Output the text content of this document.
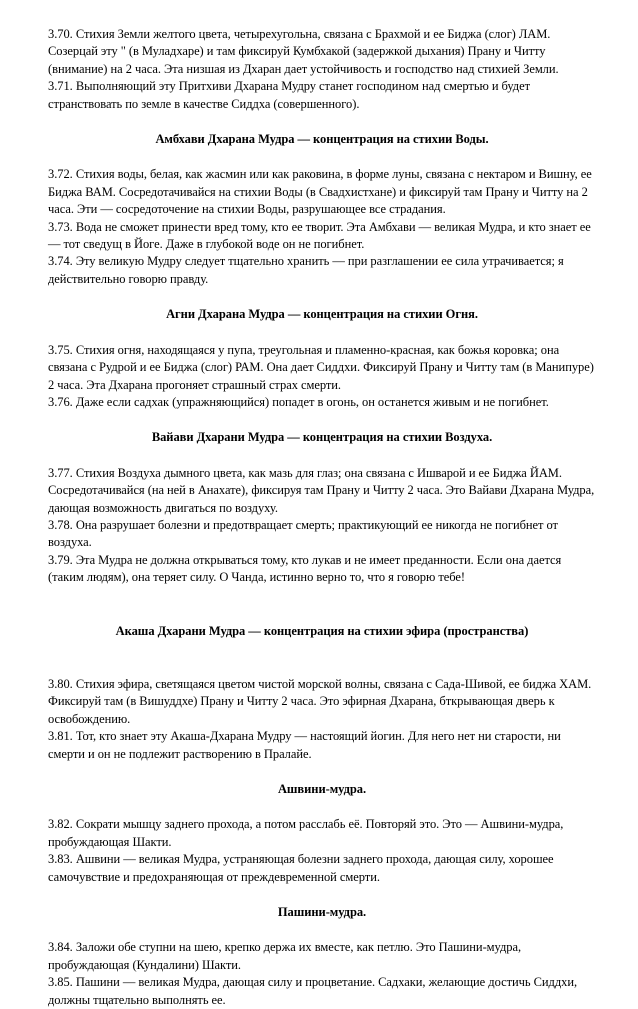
3.70. Стихия Земли желтого цвета, четырехугольна, связана с Брахмой и ее Биджа (слог) ЛАМ. Созерцай эту " (в Муладхаре) и там фиксируй Кумбхакой (задержкой дыхания) Прану и Читту (внимание) на 2 часа. Эта низшая из Дхаран дает устойчивость и господство над стихией Земли.

3.71. Выполняющий эту Притхиви Дхарана Мудру станет господином над смертью и будет странствовать по земле в качестве Сиддха (совершенного).

Амбхави Дхарана Мудра — концентрация на стихии Воды.

3.72. Стихия воды, белая, как жасмин или как раковина, в форме луны, связана с нектаром и Вишну, ее Биджа ВАМ. Сосредотачивайся на стихии Воды (в Свадхистхане) и фиксируй там Прану и Читту на 2 часа. Эти — сосредоточение на стихии Воды, разрушающее все страдания.

3.73. Вода не сможет принести вред тому, кто ее творит. Эта Амбхави — великая Мудра, и кто знает ее — тот сведущ в Йоге. Даже в глубокой воде он не погибнет.

3.74. Эту великую Мудру следует тщательно хранить — при разглашении ее сила утрачивается; я действительно говорю правду.

Агни Дхарана Мудра — концентрация на стихии Огня.

3.75. Стихия огня, находящаяся у пупа, треугольная и пламенно-красная, как божья коровка; она связана с Рудрой и ее Биджа (слог) РАМ. Она дает Сиддхи. Фиксируй Прану и Читту там (в Манипуре) 2 часа. Эта Дхарана прогоняет страшный страх смерти.

3.76. Даже если садхак (упражняющийся) попадет в огонь, он останется живым и не погибнет.

Вайави Дхарани Мудра — концентрация на стихии Воздуха.

3.77. Стихия Воздуха дымного цвета, как мазь для глаз; она связана с Ишварой и ее Биджа ЙАМ. Сосредотачивайся (на ней в Анахате), фиксируя там Прану и Читту 2 часа. Это Вайави Дхарана Мудра, дающая возможность двигаться по воздуху.

3.78. Она разрушает болезни и предотвращает смерть; практикующий ее никогда не погибнет от воздуха.

3.79. Эта Мудра не должна открываться тому, кто лукав и не имеет преданности. Если она дается (таким людям), она теряет силу. О Чанда, истинно верно то, что я говорю тебе!

Акаша Дхарани Мудра — концентрация на стихии эфира (пространства)

3.80. Стихия эфира, светящаяся цветом чистой морской волны, связана с Сада-Шивой, ее биджа ХАМ. Фиксируй там (в Вишуддхе) Прану и Читту 2 часа. Это эфирная Дхарана, бткрывающая дверь к освобождению.

3.81. Тот, кто знает эту Акаша-Дхарана Мудру — настоящий йогин. Для него нет ни старости, ни смерти и он не подлежит растворению в Пралайе.

Ашвини-мудра.

3.82. Сократи мышцу заднего прохода, а потом расслабь её. Повторяй это. Это — Ашвини-мудра, пробуждающая Шакти.

3.83. Ашвини — великая Мудра, устраняющая болезни заднего прохода, дающая силу, хорошее самочувствие и предохраняющая от преждевременной смерти.

Пашини-мудра.

3.84. Заложи обе ступни на шею, крепко держа их вместе, как петлю. Это Пашини-мудра, пробуждающая (Кундалини) Шакти.

3.85. Пашини — великая Мудра, дающая силу и процветание. Садхаки, желающие достичь Сиддхи, должны тщательно выполнять ее.
